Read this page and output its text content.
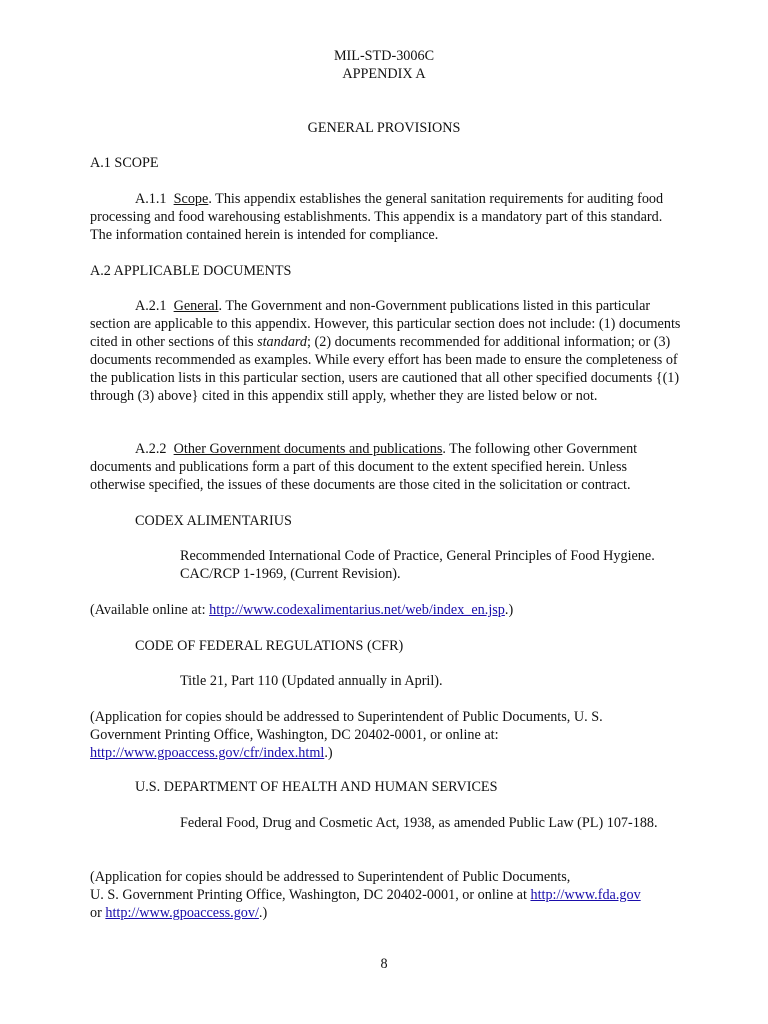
MIL-STD-3006C

APPENDIX A

GENERAL PROVISIONS

A.1 SCOPE

A.1.1 Scope. This appendix establishes the general sanitation requirements for auditing food processing and food warehousing establishments. This appendix is a mandatory part of this standard. The information contained herein is intended for compliance.

A.2 APPLICABLE DOCUMENTS

A.2.1 General. The Government and non-Government publications listed in this particular section are applicable to this appendix. However, this particular section does not include: (1) documents cited in other sections of this standard; (2) documents recommended for additional information; or (3) documents recommended as examples. While every effort has been made to ensure the completeness of the publication lists in this particular section, users are cautioned that all other specified documents {(1) through (3) above} cited in this appendix still apply, whether they are listed below or not.

A.2.2 Other Government documents and publications. The following other Government documents and publications form a part of this document to the extent specified herein. Unless otherwise specified, the issues of these documents are those cited in the solicitation or contract.

CODEX ALIMENTARIUS

Recommended International Code of Practice, General Principles of Food Hygiene. CAC/RCP 1-1969, (Current Revision).

(Available online at: http://www.codexalimentarius.net/web/index_en.jsp.)

CODE OF FEDERAL REGULATIONS (CFR)

Title 21, Part 110 (Updated annually in April).

(Application for copies should be addressed to Superintendent of Public Documents, U. S. Government Printing Office, Washington, DC 20402-0001, or online at:
http://www.gpoaccess.gov/cfr/index.html.)

U.S. DEPARTMENT OF HEALTH AND HUMAN SERVICES

Federal Food, Drug and Cosmetic Act, 1938, as amended Public Law (PL) 107-188.

(Application for copies should be addressed to Superintendent of Public Documents,
U. S. Government Printing Office, Washington, DC 20402-0001, or online at http://www.fda.gov
or http://www.gpoaccess.gov/.)

8
